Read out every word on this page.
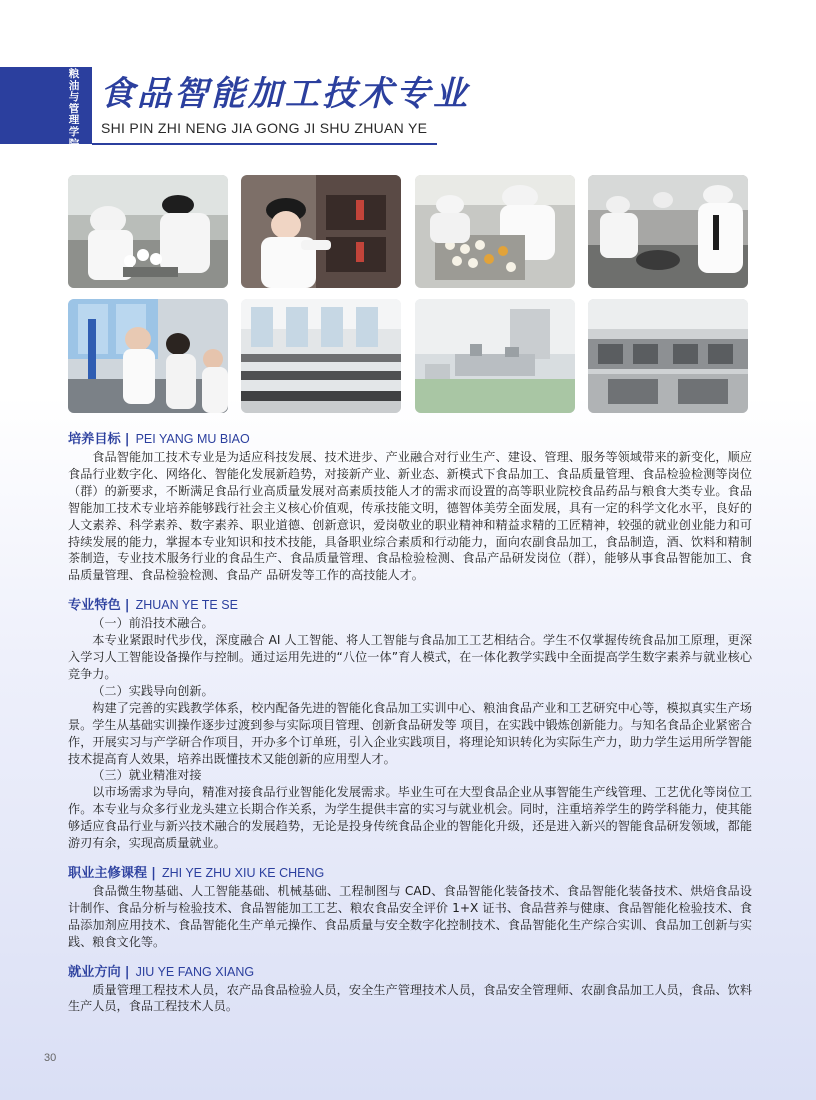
粮油与管理学院
食品智能加工技术专业
SHI PIN ZHI NENG JIA GONG JI SHU ZHUAN YE
培养目标 | PEI YANG MU BIAO

食品智能加工技术专业是为适应科技发展、技术进步、产业融合对行业生产、建设、管理、服务等领域带来的新变化，顺应食品行业数字化、网络化、智能化发展新趋势，对接新产业、新业态、新模式下食品加工、食品质量管理、食品检验检测等岗位（群）的新要求，不断满足食品行业高质量发展对高素质技能人才的需求而设置的高等职业院校食品药品与粮食大类专业。食品智能加工技术专业培养能够践行社会主义核心价值观，传承技能文明，德智体美劳全面发展，具有一定的科学文化水平，良好的人文素养、科学素养、数字素养、职业道德、创新意识，爱岗敬业的职业精神和精益求精的工匠精神，较强的就业创业能力和可持续发展的能力，掌握本专业知识和技术技能，具备职业综合素质和行动能力，面向农副食品加工，食品制造，酒、饮料和精制茶制造，专业技术服务行业的食品生产、食品质量管理、食品检验检测、食品产品研发岗位（群），能够从事食品智能加工、食品质量管理、食品检验检测、食品产 品研发等工作的高技能人才。

专业特色 | ZHUAN YE TE SE

（一）前沿技术融合。

本专业紧跟时代步伐，深度融合 AI 人工智能、将人工智能与食品加工工艺相结合。学生不仅掌握传统食品加工原理，更深入学习人工智能设备操作与控制。通过运用先进的“八位一体”育人模式，在一体化教学实践中全面提高学生数字素养与就业核心竞争力。

（二）实践导向创新。

构建了完善的实践教学体系，校内配备先进的智能化食品加工实训中心、粮油食品产业和工艺研究中心等，模拟真实生产场景。学生从基础实训操作逐步过渡到参与实际项目管理、创新食品研发等 项目，在实践中锻炼创新能力。与知名食品企业紧密合作，开展实习与产学研合作项目，开办多个订单班，引入企业实践项目，将理论知识转化为实际生产力，助力学生运用所学智能技术提高育人效果，培养出既懂技术又能创新的应用型人才。

（三）就业精准对接

以市场需求为导向，精准对接食品行业智能化发展需求。毕业生可在大型食品企业从事智能生产线管理、工艺优化等岗位工作。本专业与众多行业龙头建立长期合作关系，为学生提供丰富的实习与就业机会。同时，注重培养学生的跨学科能力，使其能够适应食品行业与新兴技术融合的发展趋势，无论是投身传统食品企业的智能化升级，还是进入新兴的智能食品研发领域，都能游刃有余，实现高质量就业。

职业主修课程 | ZHI YE ZHU XIU KE CHENG

食品微生物基础、人工智能基础、机械基础、工程制图与 CAD、食品智能化装备技术、食品智能化装备技术、烘焙食品设计制作、食品分析与检验技术、食品智能加工工艺、粮农食品安全评价 1+X 证书、食品营养与健康、食品智能化检验技术、食品添加剂应用技术、食品智能化生产单元操作、食品质量与安全数字化控制技术、食品智能化生产综合实训、食品加工创新与实践、粮食文化等。

就业方向 | JIU YE FANG XIANG

质量管理工程技术人员，农产品食品检验人员，安全生产管理技术人员，食品安全管理师、农副食品加工人员，食品、饮料生产人员，食品工程技术人员。

30
